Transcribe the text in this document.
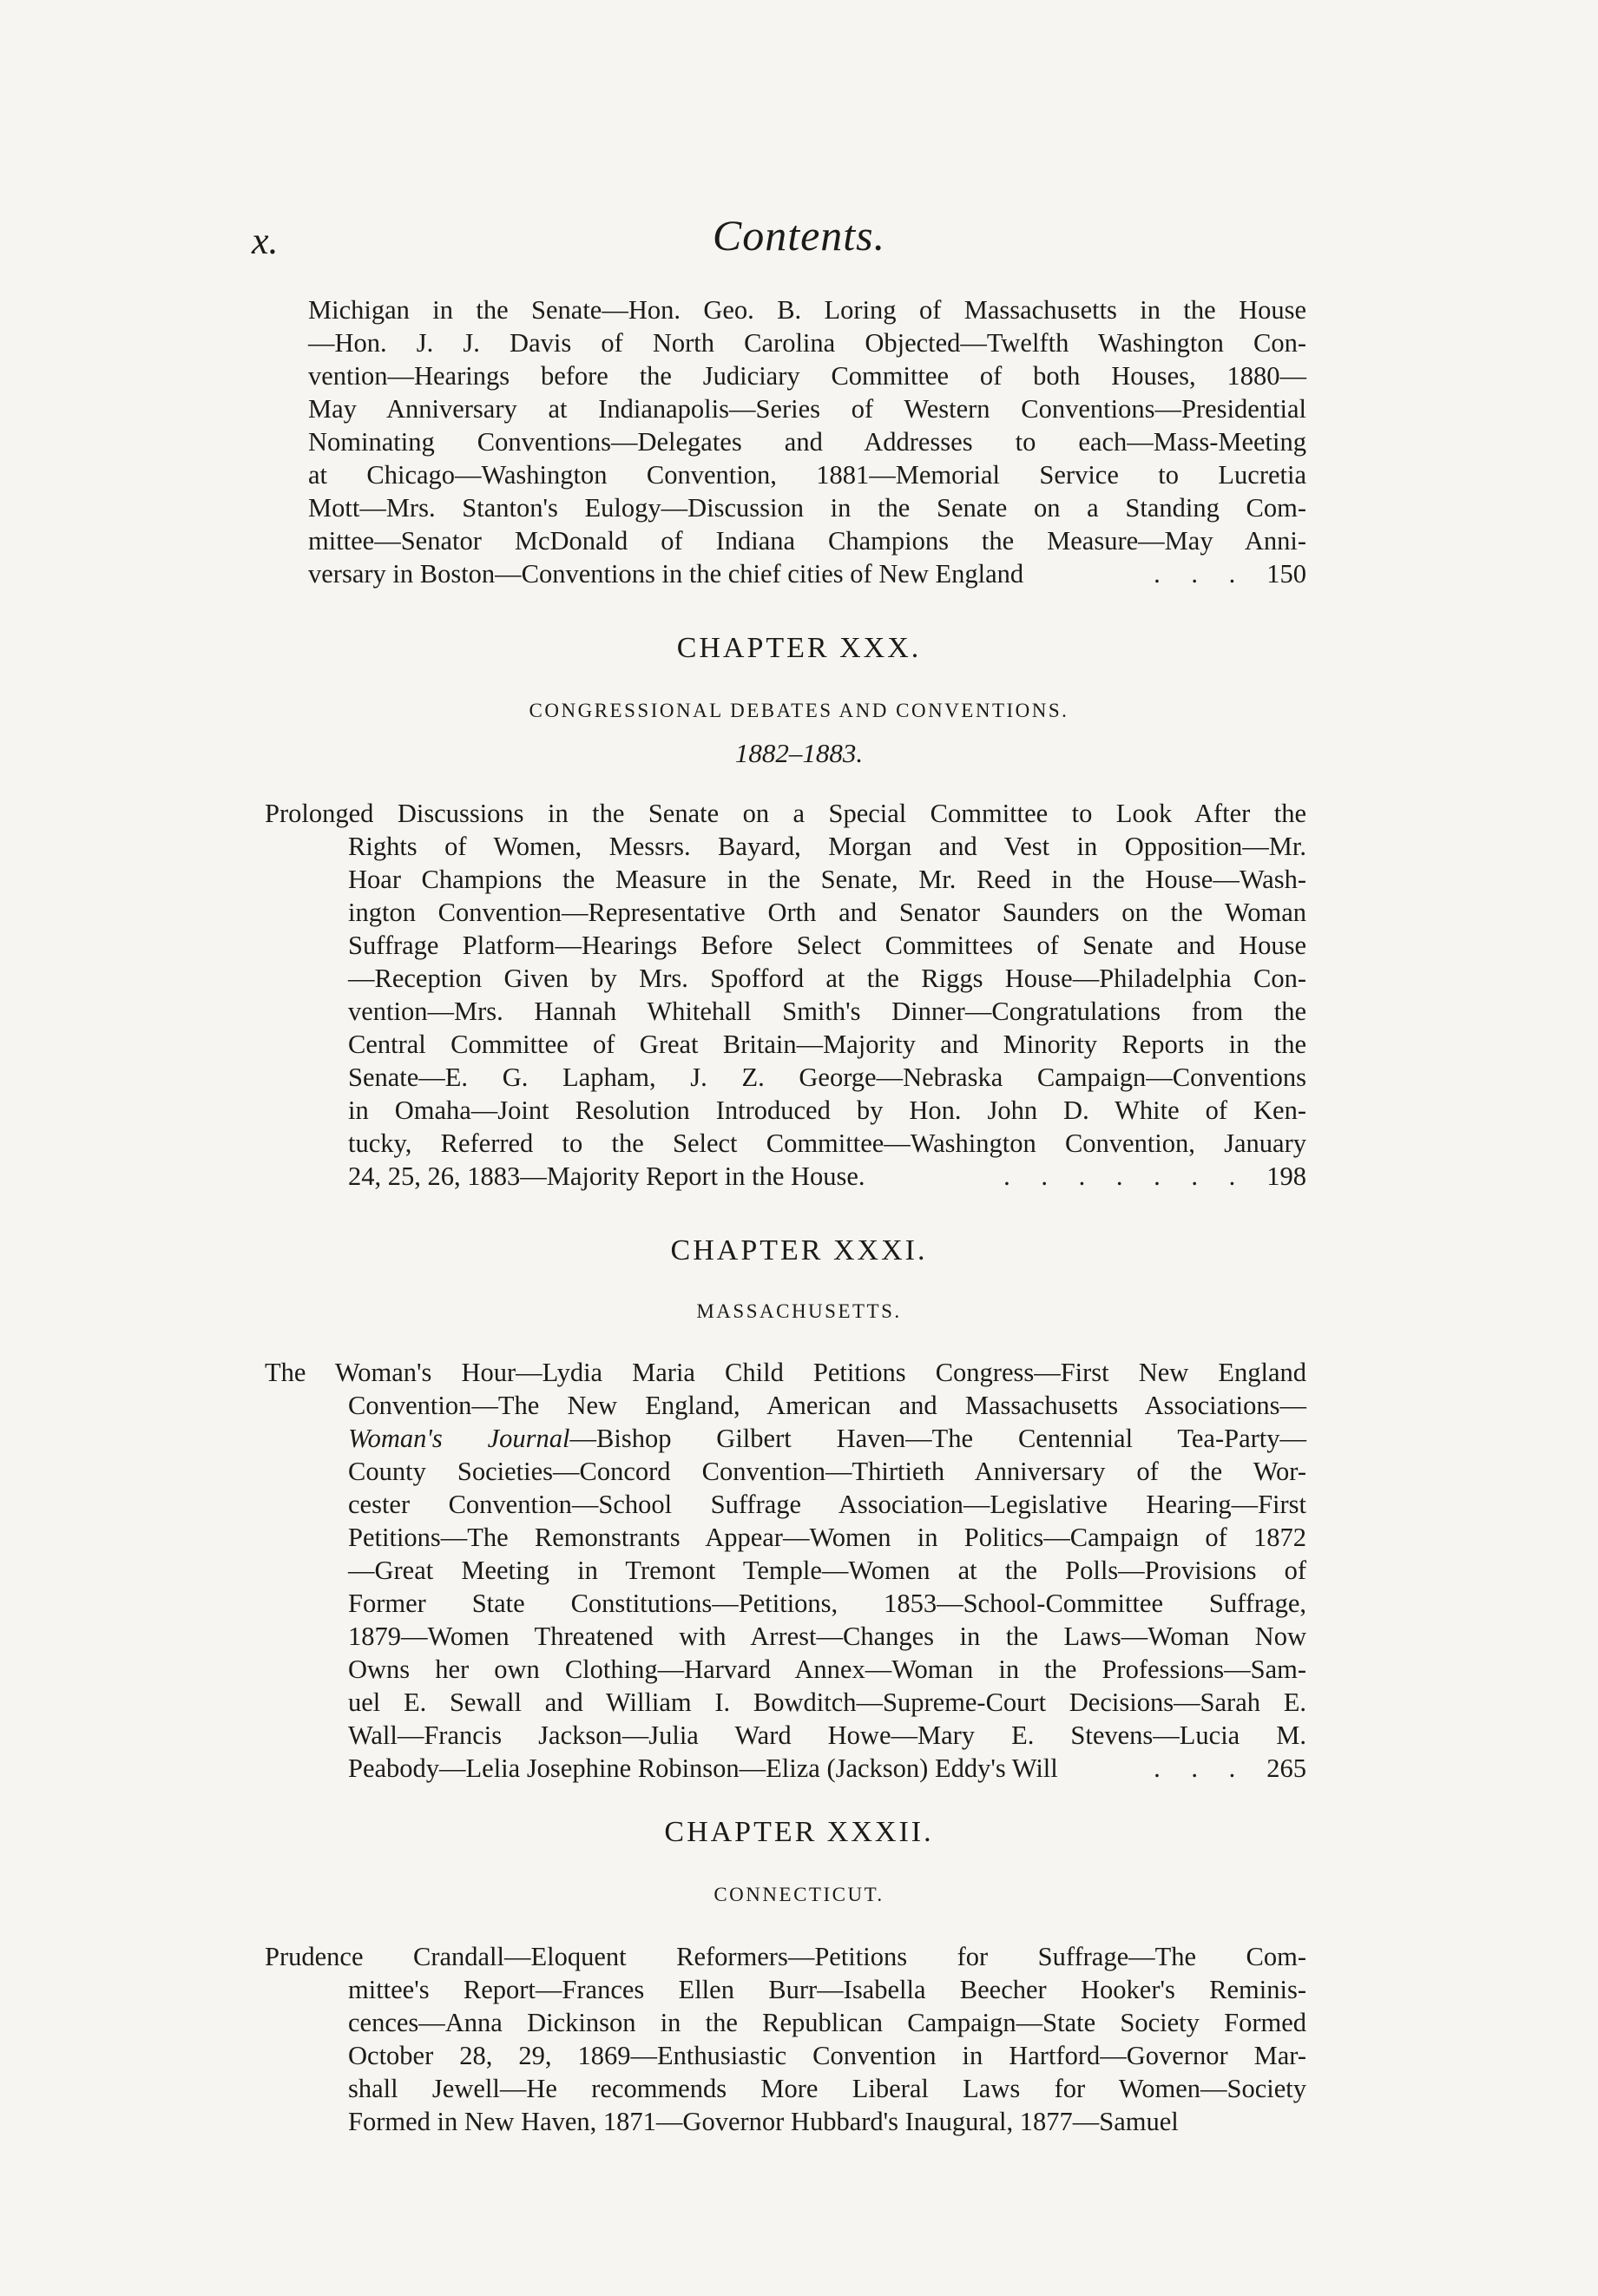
x.	Contents.
Michigan in the Senate—Hon. Geo. B. Loring of Massachusetts in the House
—Hon. J. J. Davis of North Carolina Objected—Twelfth Washington Con-
vention—Hearings before the Judiciary Committee of both Houses, 1880—
May Anniversary at Indianapolis—Series of Western Conventions—Presidential
Nominating Conventions—Delegates and Addresses to each—Mass-Meeting
at Chicago—Washington Convention, 1881—Memorial Service to Lucretia
Mott—Mrs. Stanton's Eulogy—Discussion in the Senate on a Standing Com-
mittee—Senator McDonald of Indiana Champions the Measure—May Anni-
versary in Boston—Conventions in the chief cities of New England	. . . 150
CHAPTER XXX.
CONGRESSIONAL DEBATES AND CONVENTIONS.
1882–1883.
Prolonged Discussions in the Senate on a Special Committee to Look After the
Rights of Women, Messrs. Bayard, Morgan and Vest in Opposition—Mr.
Hoar Champions the Measure in the Senate, Mr. Reed in the House—Wash-
ington Convention—Representative Orth and Senator Saunders on the Woman
Suffrage Platform—Hearings Before Select Committees of Senate and House
—Reception Given by Mrs. Spofford at the Riggs House—Philadelphia Con-
vention—Mrs. Hannah Whitehall Smith's Dinner—Congratulations from the
Central Committee of Great Britain—Majority and Minority Reports in the
Senate—E. G. Lapham, J. Z. George—Nebraska Campaign—Conventions
in Omaha—Joint Resolution Introduced by Hon. John D. White of Ken-
tucky, Referred to the Select Committee—Washington Convention, January
24, 25, 26, 1883—Majority Report in the House.	. . . . . . . 198
CHAPTER XXXI.
MASSACHUSETTS.
The Woman's Hour—Lydia Maria Child Petitions Congress—First New England
Convention—The New England, American and Massachusetts Associations—
Woman's Journal—Bishop Gilbert Haven—The Centennial Tea-Party—
County Societies—Concord Convention—Thirtieth Anniversary of the Wor-
cester Convention—School Suffrage Association—Legislative Hearing—First
Petitions—The Remonstrants Appear—Women in Politics—Campaign of 1872
—Great Meeting in Tremont Temple—Women at the Polls—Provisions of
Former State Constitutions—Petitions, 1853—School-Committee Suffrage,
1879—Women Threatened with Arrest—Changes in the Laws—Woman Now
Owns her own Clothing—Harvard Annex—Woman in the Professions—Sam-
uel E. Sewall and William I. Bowditch—Supreme-Court Decisions—Sarah E.
Wall—Francis Jackson—Julia Ward Howe—Mary E. Stevens—Lucia M.
Peabody—Lelia Josephine Robinson—Eliza (Jackson) Eddy's Will	. . . 265
CHAPTER XXXII.
CONNECTICUT.
Prudence Crandall—Eloquent Reformers—Petitions for Suffrage—The Com-
mittee's Report—Frances Ellen Burr—Isabella Beecher Hooker's Reminis-
cences—Anna Dickinson in the Republican Campaign—State Society Formed
October 28, 29, 1869—Enthusiastic Convention in Hartford—Governor Mar-
shall Jewell—He recommends More Liberal Laws for Women—Society
Formed in New Haven, 1871—Governor Hubbard's Inaugural, 1877—Samuel
